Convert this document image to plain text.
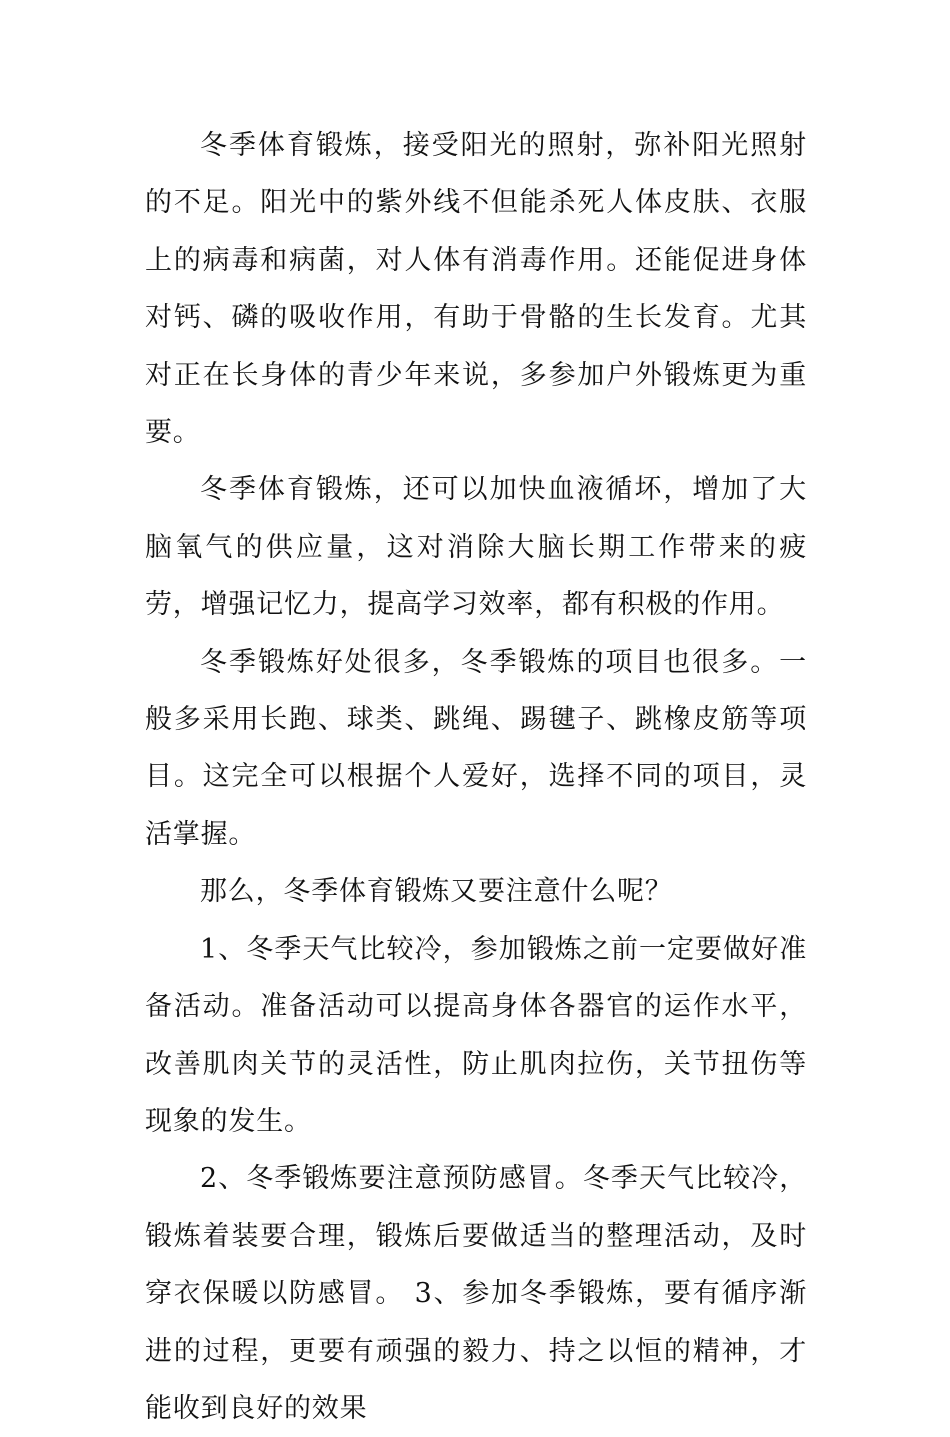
冬季体育锻炼，接受阳光的照射，弥补阳光照射的不足。阳光中的紫外线不但能杀死人体皮肤、衣服上的病毒和病菌，对人体有消毒作用。还能促进身体对钙、磷的吸收作用，有助于骨骼的生长发育。尤其对正在长身体的青少年来说，多参加户外锻炼更为重要。

冬季体育锻炼，还可以加快血液循坏，增加了大脑氧气的供应量，这对消除大脑长期工作带来的疲劳，增强记忆力，提高学习效率，都有积极的作用。

冬季锻炼好处很多，冬季锻炼的项目也很多。一般多采用长跑、球类、跳绳、踢毽子、跳橡皮筋等项目。这完全可以根据个人爱好，选择不同的项目，灵活掌握。

那么，冬季体育锻炼又要注意什么呢？

1、冬季天气比较冷，参加锻炼之前一定要做好准备活动。准备活动可以提高身体各器官的运作水平，改善肌肉关节的灵活性，防止肌肉拉伤，关节扭伤等现象的发生。

2、冬季锻炼要注意预防感冒。冬季天气比较冷，锻炼着装要合理，锻炼后要做适当的整理活动，及时穿衣保暖以防感冒。 3、参加冬季锻炼，要有循序渐进的过程，更要有顽强的毅力、持之以恒的精神，才能收到良好的效果
